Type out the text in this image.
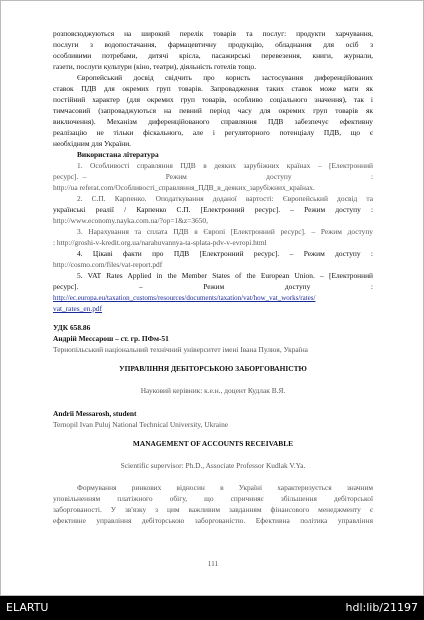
розповсюджуються на широкий перелік товарів та послуг: продукти харчування,
послуги з водопостачання, фармацевтичну продукцію, обладнання для осіб з
особливими потребами, дитячі крісла, пасажирські перевезення, книги, журнали,
газети, послуги культури (кіно, театри), діяльність готелів тощо.
Європейський досвід свідчить про користь застосування диференційованих
ставок ПДВ для окремих груп товарів. Запровадження таких ставок може мати як
постійний характер (для окремих груп товарів, особливо соціального значення), так і
тимчасовий (запроваджуються на певний період часу для окремих груп товарів як
виключення). Механізм диференційованого справляння ПДВ забезпечує ефективну
реалізацію не тільки фіскального, але і регуляторного потенціалу ПДВ, що є
необхідним для України.
Використана література
1. Особливості справляння ПДВ в деяких зарубіжних країнах – [Електронний
ресурс]. –                  Режим                  доступу                  :
http://ua referat.com/Особливості_справляння_ПДВ_в_деяких_зарубіжних_країнах.
2. С.П. Карпенко. Оподаткування доданої вартості: Європейський досвід та
українські реалії / Карпенко С.П. [Електронний ресурс]. – Режим доступу :
http://www.economy.nayka.com.ua/?op=1&z=3650,
3. Нарахування та сплата ПДВ в Європі [Електронний ресурс]. – Режим доступу
: http://groshi-v-kredit.org.ua/narahuvannya-ta-splata-pdv-v-evropi.html
4. Цікаві факти про ПДВ [Електронний ресурс]. – Режим доступу :
http://cosmo.com/files/vat-report.pdf
5. VAT Rates Applied in the Member States of the European Union. – [Електронний
ресурс].                  –                  Режим                  доступу                  :
http://ec.europa.eu/taxation_customs/resources/documents/taxation/vat/how_vat_works/rates/
vat_rates_en.pdf
УДК 658.86
Андрій Мессарош – ст. гр. ПФм-51
Тернопільський національний технічний університет імені Івана Пулюя, Україна
УПРАВЛІННЯ ДЕБІТОРСЬКОЮ ЗАБОРГОВАНІСТЮ
Науковий керівник: к.е.н., доцент Кудлак В.Я.
Andrii Messarosh, student
Ternopil Ivan Puluj National Technical University, Ukraine
MANAGEMENT OF ACCOUNTS RECEIVABLE
Scientific supervisor: Ph.D., Associate Professor Kudlak V.Ya.
Формування ринкових відносин в Україні характеризується значним
уповільненням платіжного обігу, що спричиняє збільшення дебіторської
заборгованості. У зв'язку з цим важливим завданням фінансового менеджменту є
ефективне управління дебіторською заборгованістю. Ефективна політика управління
111
ELARTU	hdl:lib/21197
